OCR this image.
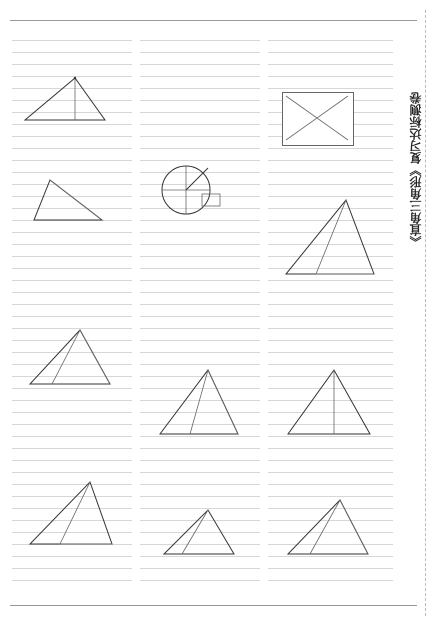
《直角三角形》复习达标测卷
